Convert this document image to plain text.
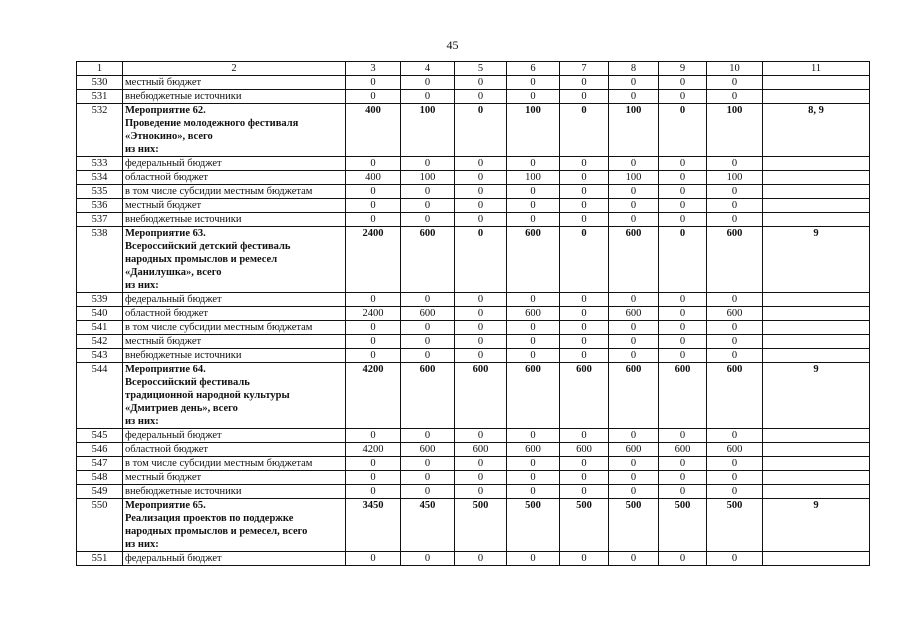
45
1	2	3	4	5	6	7	8	9	10	11
530	местный бюджет	0	0	0	0	0	0	0	0	
531	внебюджетные источники	0	0	0	0	0	0	0	0	
532	Мероприятие 62.
Проведение молодежного фестиваля
«Этнокино», всего
из них:	400	100	0	100	0	100	0	100	8, 9
533	федеральный бюджет	0	0	0	0	0	0	0	0	
534	областной бюджет	400	100	0	100	0	100	0	100	
535	в том числе субсидии местным бюджетам	0	0	0	0	0	0	0	0	
536	местный бюджет	0	0	0	0	0	0	0	0	
537	внебюджетные источники	0	0	0	0	0	0	0	0	
538	Мероприятие 63.
Всероссийский детский фестиваль
народных промыслов и ремесел
«Данилушка», всего
из них:	2400	600	0	600	0	600	0	600	9
539	федеральный бюджет	0	0	0	0	0	0	0	0	
540	областной бюджет	2400	600	0	600	0	600	0	600	
541	в том числе субсидии местным бюджетам	0	0	0	0	0	0	0	0	
542	местный бюджет	0	0	0	0	0	0	0	0	
543	внебюджетные источники	0	0	0	0	0	0	0	0	
544	Мероприятие 64.
Всероссийский фестиваль
традиционной народной культуры
«Дмитриев день», всего
из них:	4200	600	600	600	600	600	600	600	9
545	федеральный бюджет	0	0	0	0	0	0	0	0	
546	областной бюджет	4200	600	600	600	600	600	600	600	
547	в том числе субсидии местным бюджетам	0	0	0	0	0	0	0	0	
548	местный бюджет	0	0	0	0	0	0	0	0	
549	внебюджетные источники	0	0	0	0	0	0	0	0	
550	Мероприятие 65.
Реализация проектов по поддержке
народных промыслов и ремесел, всего
из них:	3450	450	500	500	500	500	500	500	9
551	федеральный бюджет	0	0	0	0	0	0	0	0	
